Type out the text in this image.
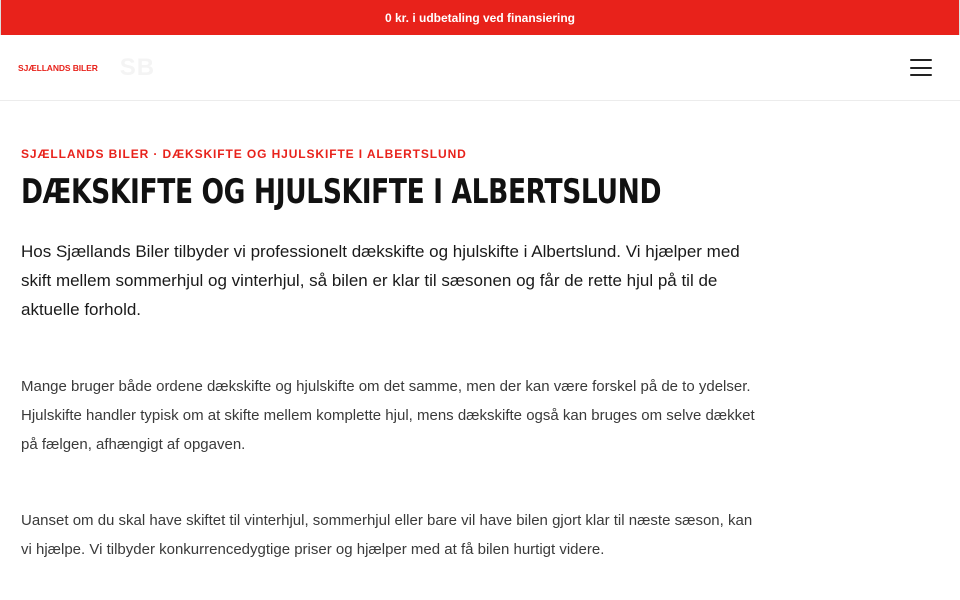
0 kr. i udbetaling ved finansiering
SJÆLLANDS BILER SB

SJÆLLANDS BILER · DÆKSKIFTE OG HJULSKIFTE I ALBERTSLUND

DÆKSKIFTE OG HJULSKIFTE I ALBERTSLUND

Hos Sjællands Biler tilbyder vi professionelt dækskifte og hjulskifte i Albertslund. Vi hjælper med skift mellem sommerhjul og vinterhjul, så bilen er klar til sæsonen og får de rette hjul på til de aktuelle forhold.

Mange bruger både ordene dækskifte og hjulskifte om det samme, men der kan være forskel på de to ydelser. Hjulskifte handler typisk om at skifte mellem komplette hjul, mens dækskifte også kan bruges om selve dækket på fælgen, afhængigt af opgaven.

Uanset om du skal have skiftet til vinterhjul, sommerhjul eller bare vil have bilen gjort klar til næste sæson, kan vi hjælpe. Vi tilbyder konkurrencedygtige priser og hjælper med at få bilen hurtigt videre.
